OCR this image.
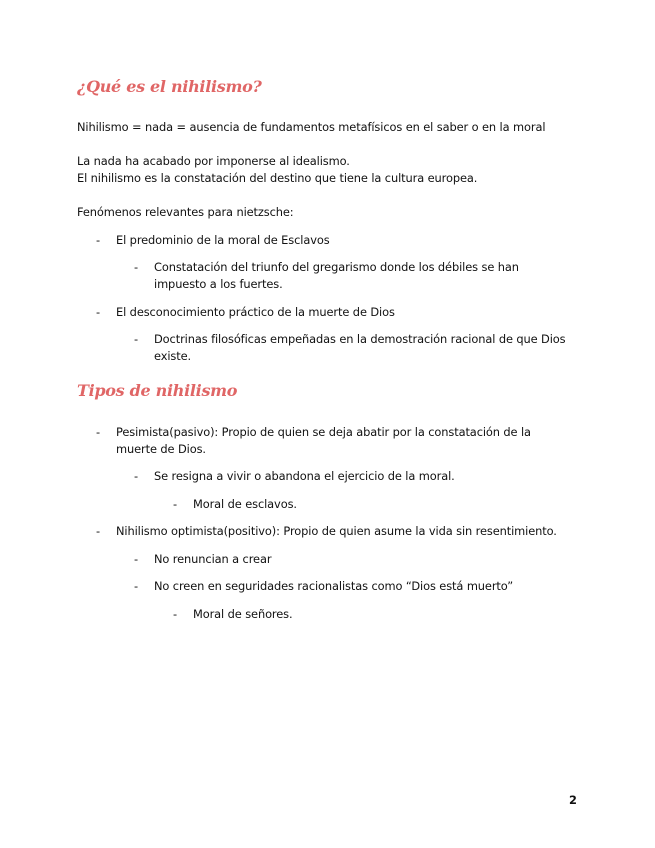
¿Qué es el nihilismo?
Nihilismo = nada = ausencia de fundamentos metafísicos en el saber o en la moral
La nada ha acabado por imponerse al idealismo.
El nihilismo es la constatación del destino que tiene la cultura europea.
Fenómenos relevantes para nietzsche:
- El predominio de la moral de Esclavos
- Constatación del triunfo del gregarismo donde los débiles se han impuesto a los fuertes.
- El desconocimiento práctico de la muerte de Dios
- Doctrinas filosóficas empeñadas en la demostración racional de que Dios existe.
Tipos de nihilismo
- Pesimista(pasivo): Propio de quien se deja abatir por la constatación de la muerte de Dios.
- Se resigna a vivir o abandona el ejercicio de la moral.
- Moral de esclavos.
- Nihilismo optimista(positivo): Propio de quien asume la vida sin resentimiento.
- No renuncian a crear
- No creen en seguridades racionalistas como “Dios está muerto”
- Moral de señores.
2
